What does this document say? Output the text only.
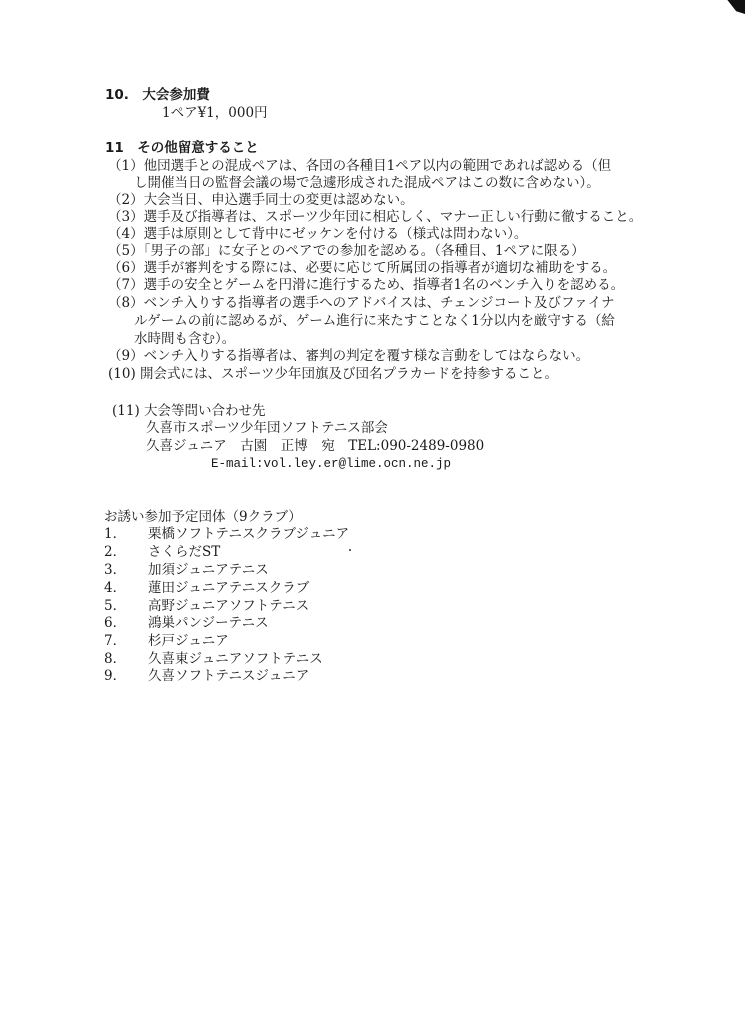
10.　大会参加費
1ペア¥1，000円
11　その他留意すること
（1）他団選手との混成ペアは、各団の各種目1ペア以内の範囲であれば認める（但
し開催当日の監督会議の場で急遽形成された混成ペアはこの数に含めない）。
（2）大会当日、申込選手同士の変更は認めない。
（3）選手及び指導者は、スポーツ少年団に相応しく、マナー正しい行動に徹すること。
（4）選手は原則として背中にゼッケンを付ける（様式は問わない）。
（5）「男子の部」に女子とのペアでの参加を認める。（各種目、1ペアに限る）
（6）選手が審判をする際には、必要に応じて所属団の指導者が適切な補助をする。
（7）選手の安全とゲームを円滑に進行するため、指導者1名のベンチ入りを認める。
（8）ベンチ入りする指導者の選手へのアドバイスは、チェンジコート及びファイナ
ルゲームの前に認めるが、ゲーム進行に来たすことなく1分以内を厳守する（給
水時間も含む）。
（9）ベンチ入りする指導者は、審判の判定を覆す様な言動をしてはならない。
(10) 開会式には、スポーツ少年団旗及び団名プラカードを持参すること。
(11) 大会等問い合わせ先
久喜市スポーツ少年団ソフトテニス部会
久喜ジュニア　古園　正博　宛　TEL:090-2489-0980
E-mail:vol.ley.er@lime.ocn.ne.jp
お誘い参加予定団体（9クラブ）
1．	栗橋ソフトテニスクラブジュニア
2．	さくらだST
3．	加須ジュニアテニス
4．	蓮田ジュニアテニスクラブ
5．	高野ジュニアソフトテニス
6．	鴻巣パンジーテニス
7．	杉戸ジュニア
8．	久喜東ジュニアソフトテニス
9．	久喜ソフトテニスジュニア
